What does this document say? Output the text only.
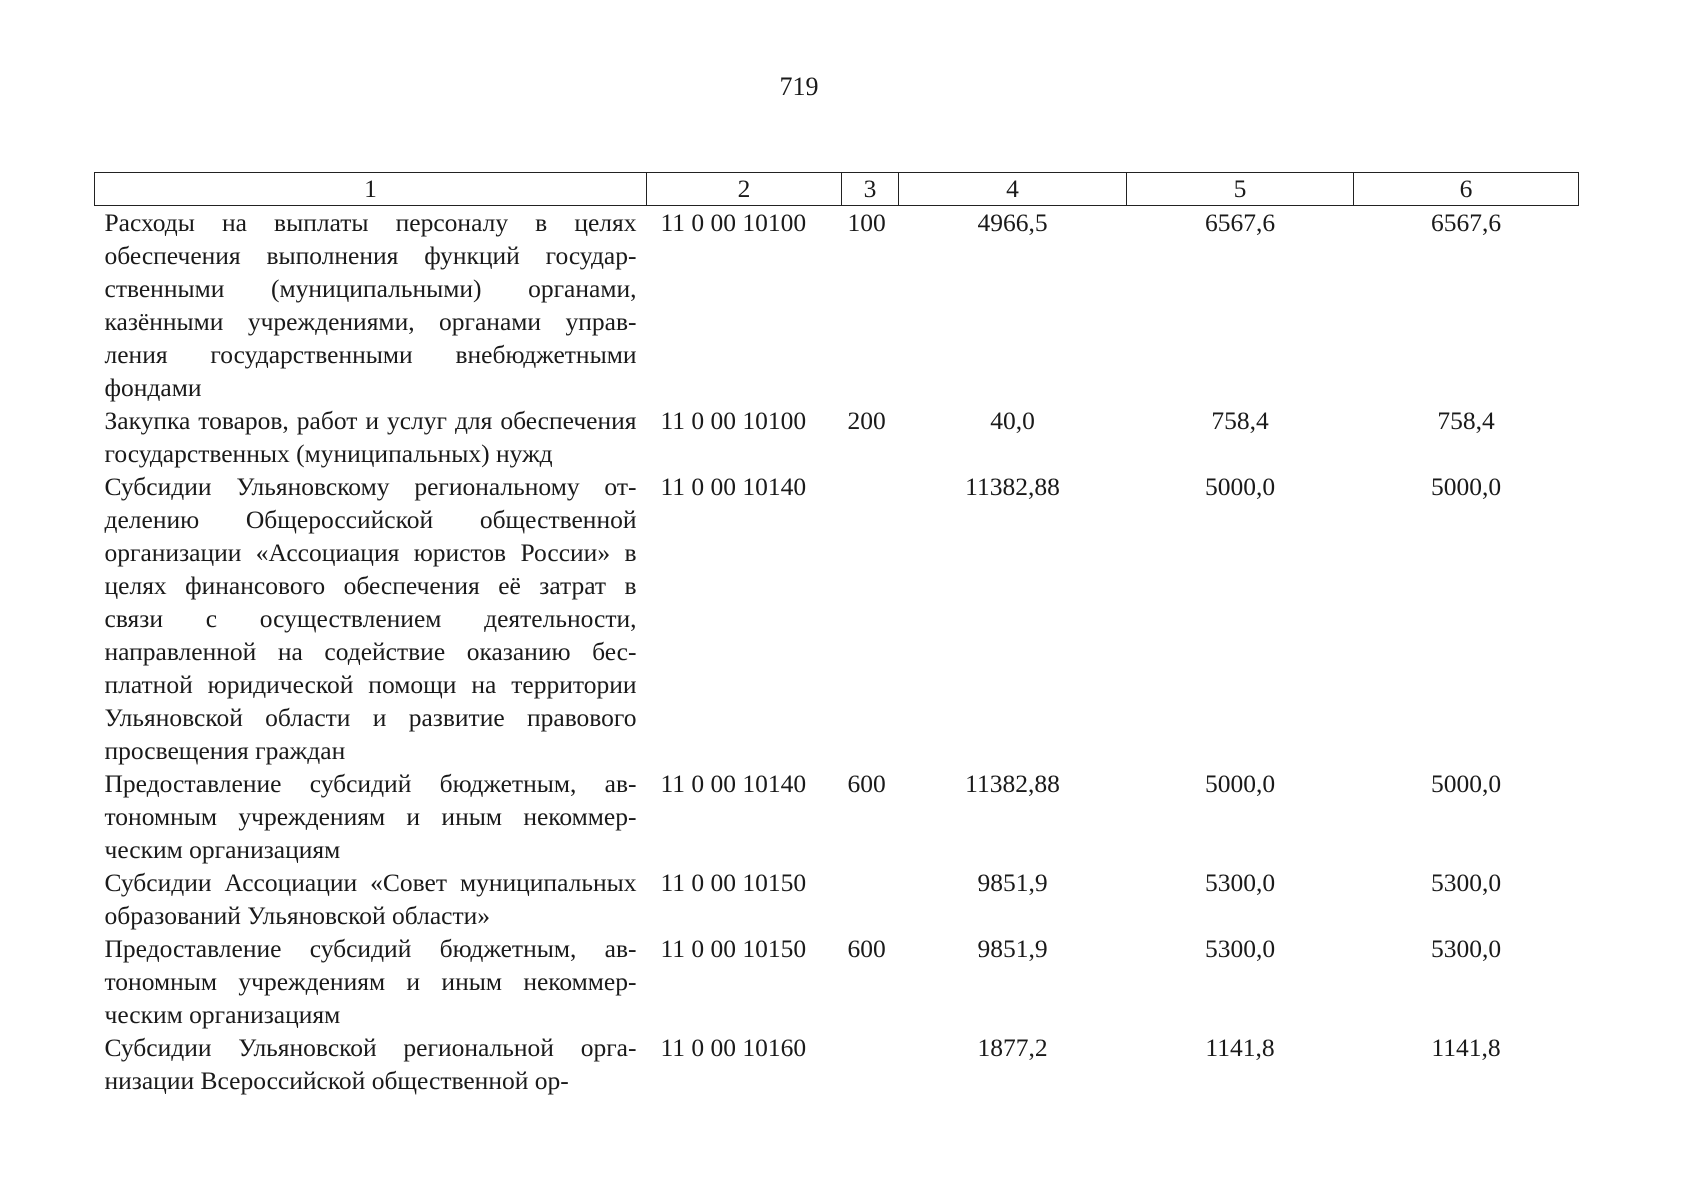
719
1	2	3	4	5	6
Расходы на выплаты персоналу в целях обеспечения выполнения функций государственными (муниципальными) органами, казёнными учреждениями, органами управления государственными внебюджетными фондами	11 0 00 10100	100	4966,5	6567,6	6567,6
Закупка товаров, работ и услуг для обеспечения государственных (муниципальных) нужд	11 0 00 10100	200	40,0	758,4	758,4
Субсидии Ульяновскому региональному отделению Общероссийской общественной организации «Ассоциация юристов России» в целях финансового обеспечения её затрат в связи с осуществлением деятельности, направленной на содействие оказанию бесплатной юридической помощи на территории Ульяновской области и развитие правового просвещения граждан	11 0 00 10140		11382,88	5000,0	5000,0
Предоставление субсидий бюджетным, автономным учреждениям и иным некоммерческим организациям	11 0 00 10140	600	11382,88	5000,0	5000,0
Субсидии Ассоциации «Совет муниципальных образований Ульяновской области»	11 0 00 10150		9851,9	5300,0	5300,0
Предоставление субсидий бюджетным, автономным учреждениям и иным некоммерческим организациям	11 0 00 10150	600	9851,9	5300,0	5300,0
Субсидии Ульяновской региональной организации Всероссийской общественной ор-	11 0 00 10160		1877,2	1141,8	1141,8
